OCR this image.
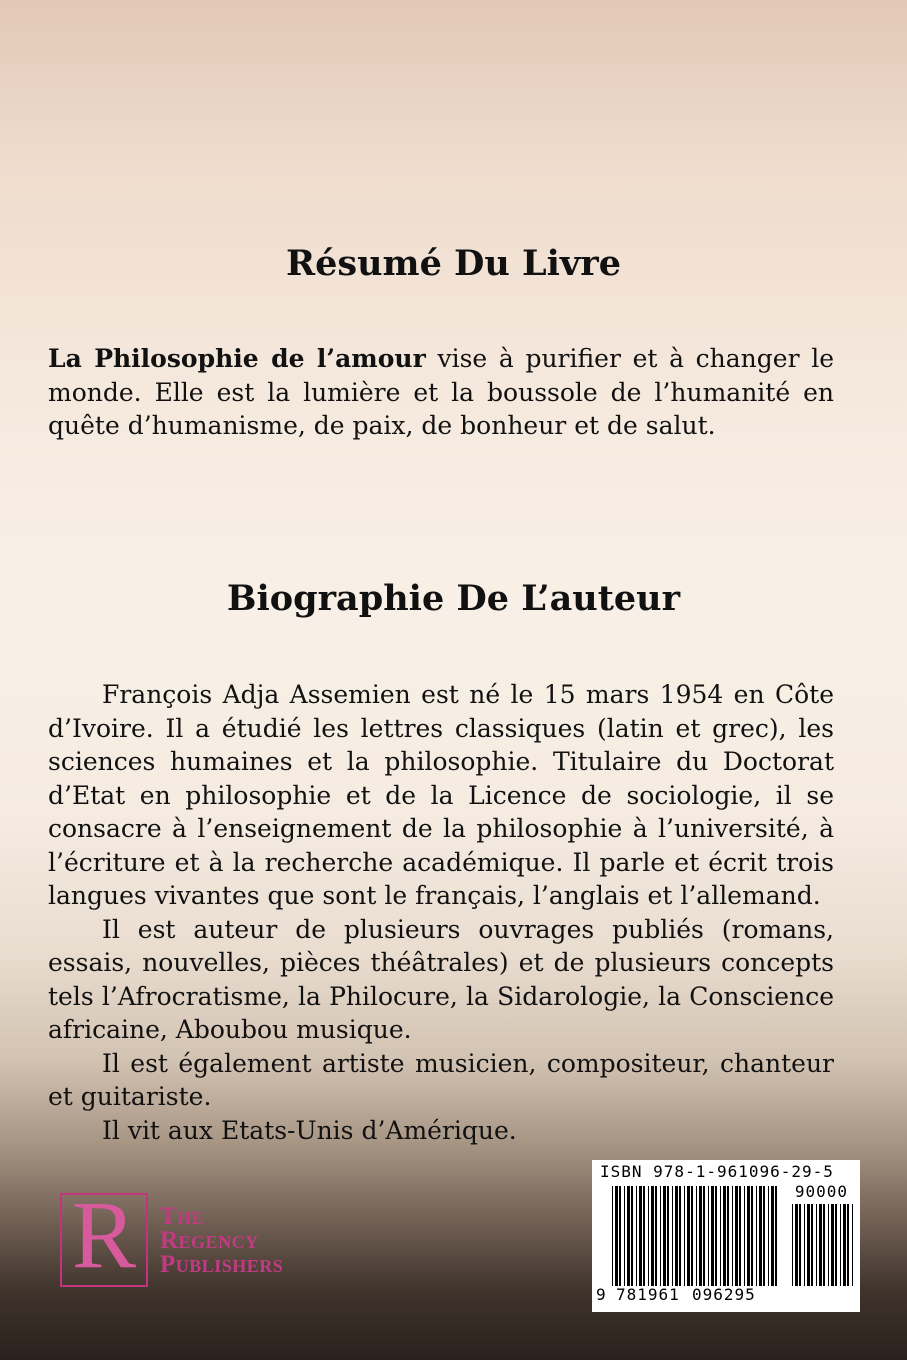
Résumé Du Livre

La Philosophie de l’amour vise à purifier et à changer le monde. Elle est la lumière et la boussole de l’humanité en quête d’humanisme, de paix, de bonheur et de salut.

Biographie De L’auteur

François Adja Assemien est né le 15 mars 1954 en Côte d’Ivoire. Il a étudié les lettres classiques (latin et grec), les sciences humaines et la philosophie. Titulaire du Doctorat d’Etat en philosophie et de la Licence de sociologie, il se consacre à l’enseignement de la philosophie à l’université, à l’écriture et à la recherche académique. Il parle et écrit trois langues vivantes que sont le français, l’anglais et l’allemand.

Il est auteur de plusieurs ouvrages publiés (romans, essais, nouvelles, pièces théâtrales) et de plusieurs concepts tels l’Afrocratisme, la Philocure, la Sidarologie, la Conscience africaine, Aboubou musique.

Il est également artiste musicien, compositeur, chanteur et guitariste.

Il vit aux Etats-Unis d’Amérique.

R The
Regency
Publishers
ISBN 978-1-961096-29-5
90000
9 781961 096295
